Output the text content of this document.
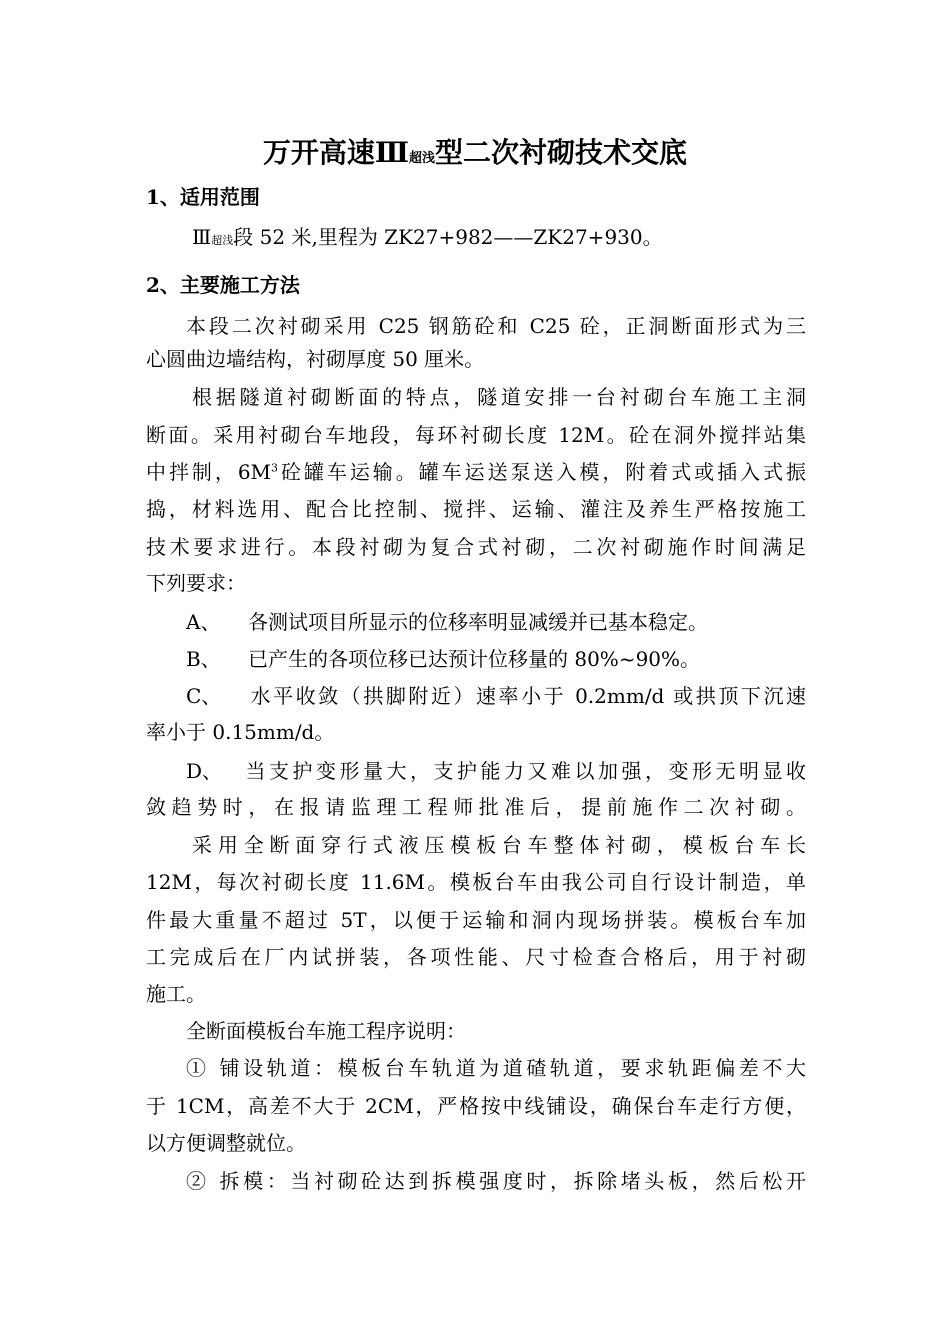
万开高速Ⅲ超浅型二次衬砌技术交底
1、适用范围
Ⅲ超浅段 52 米,里程为 ZK27+982——ZK27+930。
2、主要施工方法
本段二次衬砌采用 C25 钢筋砼和 C25 砼，正洞断面形式为三
心圆曲边墙结构，衬砌厚度 50 厘米。
根据隧道衬砌断面的特点，隧道安排一台衬砌台车施工主洞
断面。采用衬砌台车地段，每环衬砌长度 12M。砼在洞外搅拌站集
中拌制，$6M^3$砼罐车运输。罐车运送泵送入模，附着式或插入式振
捣，材料选用、配合比控制、搅拌、运输、灌注及养生严格按施工
技术要求进行。本段衬砌为复合式衬砌，二次衬砌施作时间满足
下列要求：
A、 各测试项目所显示的位移率明显减缓并已基本稳定。
B、 已产生的各项位移已达预计位移量的 80%~90%。
C、 水平收敛（拱脚附近）速率小于 0.2mm/d 或拱顶下沉速
率小于 0.15mm/d。
D、 当支护变形量大，支护能力又难以加强，变形无明显收
敛趋势时，在报请监理工程师批准后，提前施作二次衬砌。
采用全断面穿行式液压模板台车整体衬砌，模板台车长
12M，每次衬砌长度 11.6M。模板台车由我公司自行设计制造，单
件最大重量不超过 5T，以便于运输和洞内现场拼装。模板台车加
工完成后在厂内试拼装，各项性能、尺寸检查合格后，用于衬砌
施工。
全断面模板台车施工程序说明：
① 铺设轨道：模板台车轨道为道碴轨道，要求轨距偏差不大
于 1CM，高差不大于 2CM，严格按中线铺设，确保台车走行方便，
以方便调整就位。
② 拆模：当衬砌砼达到拆模强度时，拆除堵头板，然后松开
